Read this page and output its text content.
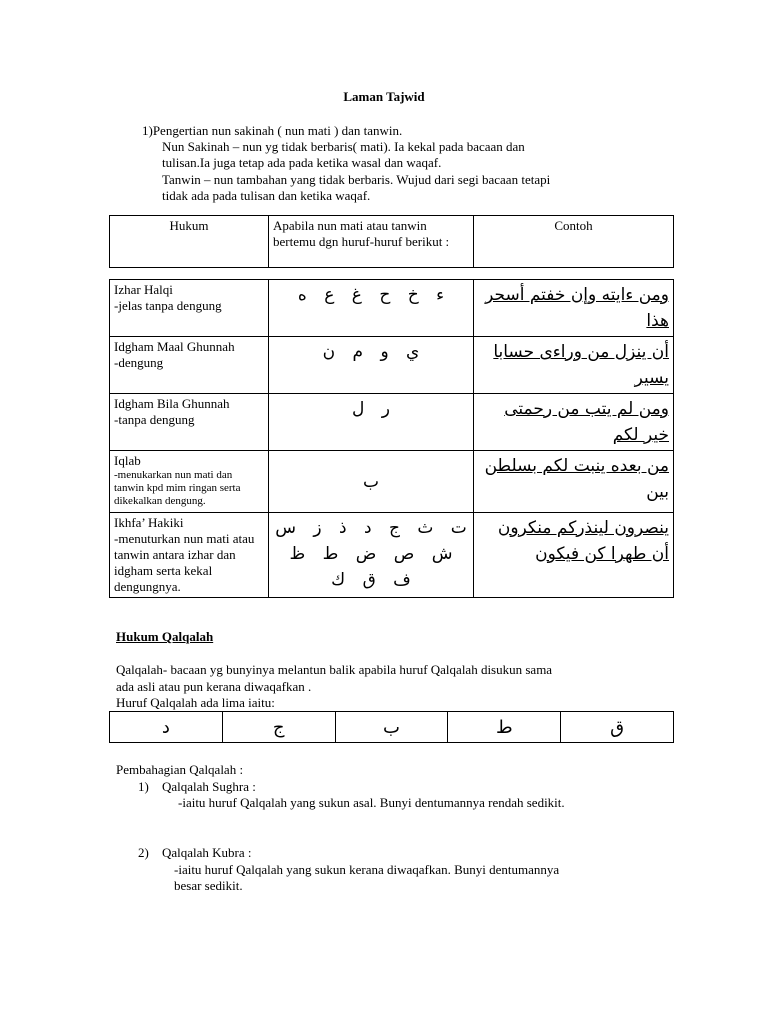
Laman Tajwid
1)Pengertian nun sakinah ( nun mati ) dan tanwin.
Nun Sakinah – nun yg tidak berbaris( mati). Ia kekal pada bacaan dan
tulisan.Ia juga tetap ada pada ketika wasal dan waqaf.
Tanwin – nun tambahan yang tidak berbaris. Wujud dari segi bacaan tetapi
tidak ada pada tulisan dan ketika waqaf.
Hukum	Apabila nun mati atau tanwin bertemu dgn huruf-huruf berikut :	Contoh
Izhar Halqi
-jelas tanpa dengung	ء خ ح غ ع ه	ومن ءايته وإن خفتم أسحر هذا

Idgham Maal Ghunnah
-dengung	ي و م ن	أن ينزل من وراءى حسابا يسير

Idgham Bila Ghunnah
-tanpa dengung	ر ل	ومن لم يتب من رحمتى خير لكم

Iqlab
-menukarkan nun mati dan tanwin kpd mim ringan serta dikekalkan dengung.	ب	من بعده ينبت لكم بسلطن بين

Ikhfa’ Hakiki
-menuturkan nun mati atau tanwin antara izhar dan idgham serta kekal dengungnya.	ت ث ج د ذ ز س ش ص ض ط ظ ف ق ك	ينصرون لينذركم منكرون أن طهرا كن فيكون
Hukum Qalqalah
Qalqalah- bacaan yg bunyinya melantun balik apabila huruf Qalqalah disukun sama
ada asli atau pun kerana diwaqafkan .
Huruf Qalqalah ada lima iaitu:
د	ج	ب	ط	ق
Pembahagian Qalqalah :
1) Qalqalah Sughra :
-iaitu huruf Qalqalah yang sukun asal. Bunyi dentumannya rendah sedikit.
2) Qalqalah Kubra :
-iaitu huruf Qalqalah yang sukun kerana diwaqafkan. Bunyi dentumannya
besar sedikit.
